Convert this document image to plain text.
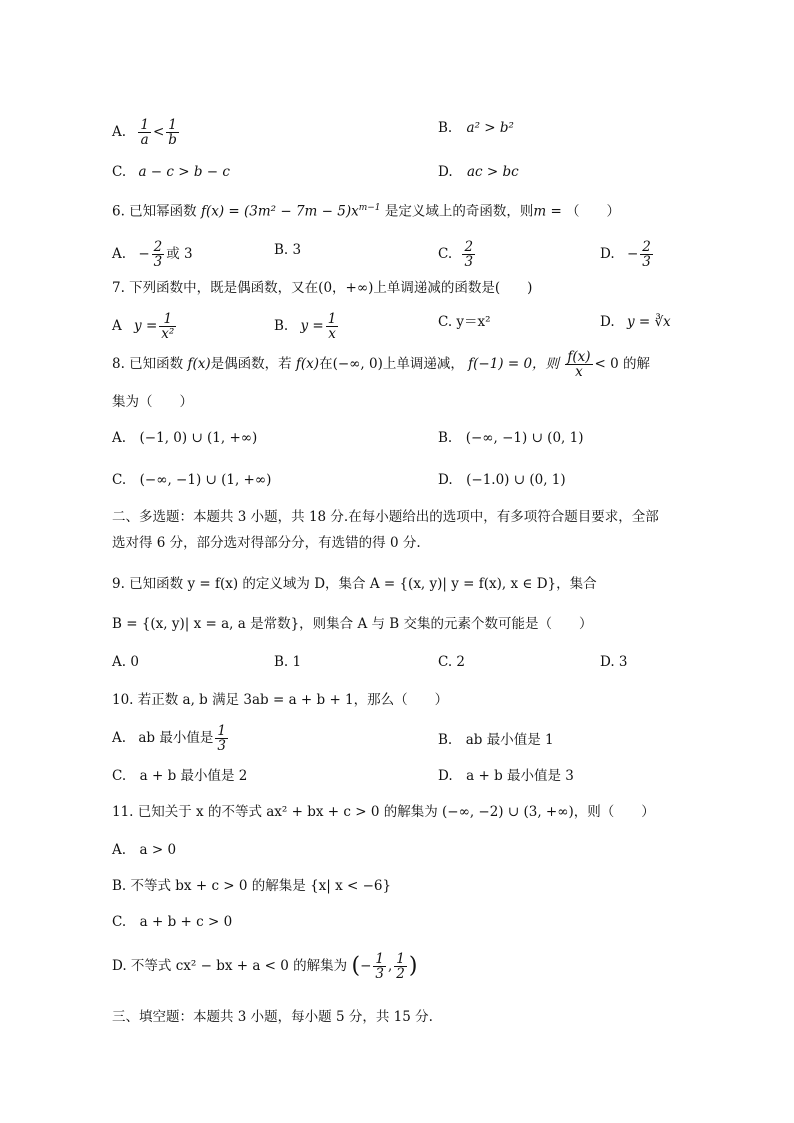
A. $\frac{1}{a} < \frac{1}{b}$	B. a² > b²
C. a − c > b − c	D. ac > bc
6. 已知幂函数 $f(x) = (3m^2 - 7m - 5)x^{m-1}$ 是定义域上的奇函数，则m = （　　）
A. − $\frac{2}{3}$ 或 3	B. 3	C. $\frac{2}{3}$	D. − $\frac{2}{3}$
7. 下列函数中，既是偶函数，又在(0，+∞)上单调递减的函数是(　　)
A $y = \frac{1}{\text{x²}}$	B. $y = \frac{1}{x}$	C. y＝x²	D. y = ∛x
8. 已知函数 f(x)是偶函数，若 f(x)在(−∞, 0)上单调递减， f(−1) = 0，则 $\frac{f(x)}{x} < 0$ 的解
集为（　　）
A.　(−1, 0) ∪ (1, +∞)	B.　(−∞, −1) ∪ (0, 1)
C.　(−∞, −1) ∪ (1, +∞)	D.　(−1.0) ∪ (0, 1)
二、多选题：本题共 3 小题，共 18 分.在每小题给出的选项中，有多项符合题目要求，全部
选对得 6 分，部分选对得部分分，有选错的得 0 分.
9. 已知函数 y = f(x) 的定义域为 D，集合 A = {(x, y)| y = f(x), x ∈ D}，集合
B = {(x, y)| x = a, a 是常数}，则集合 A 与 B 交集的元素个数可能是（　　）
A. 0	B. 1	C. 2	D. 3
10. 若正数 a, b 满足 3ab = a + b + 1，那么（　　）
A. ab 最小值是 $\frac{1}{3}$	B.　ab 最小值是 1
C.　a + b 最小值是 2	D.　a + b 最小值是 3
11. 已知关于 x 的不等式 ax² + bx + c > 0 的解集为 (−∞, −2) ∪ (3, +∞)，则（　　）
A.　a > 0
B. 不等式 bx + c > 0 的解集是 {x| x < −6}
C.　a + b + c > 0
D. 不等式 cx² − bx + a < 0 的解集为 (− $\frac{1}{3}$ , $\frac{1}{2}$ )
三、填空题：本题共 3 小题，每小题 5 分，共 15 分.
